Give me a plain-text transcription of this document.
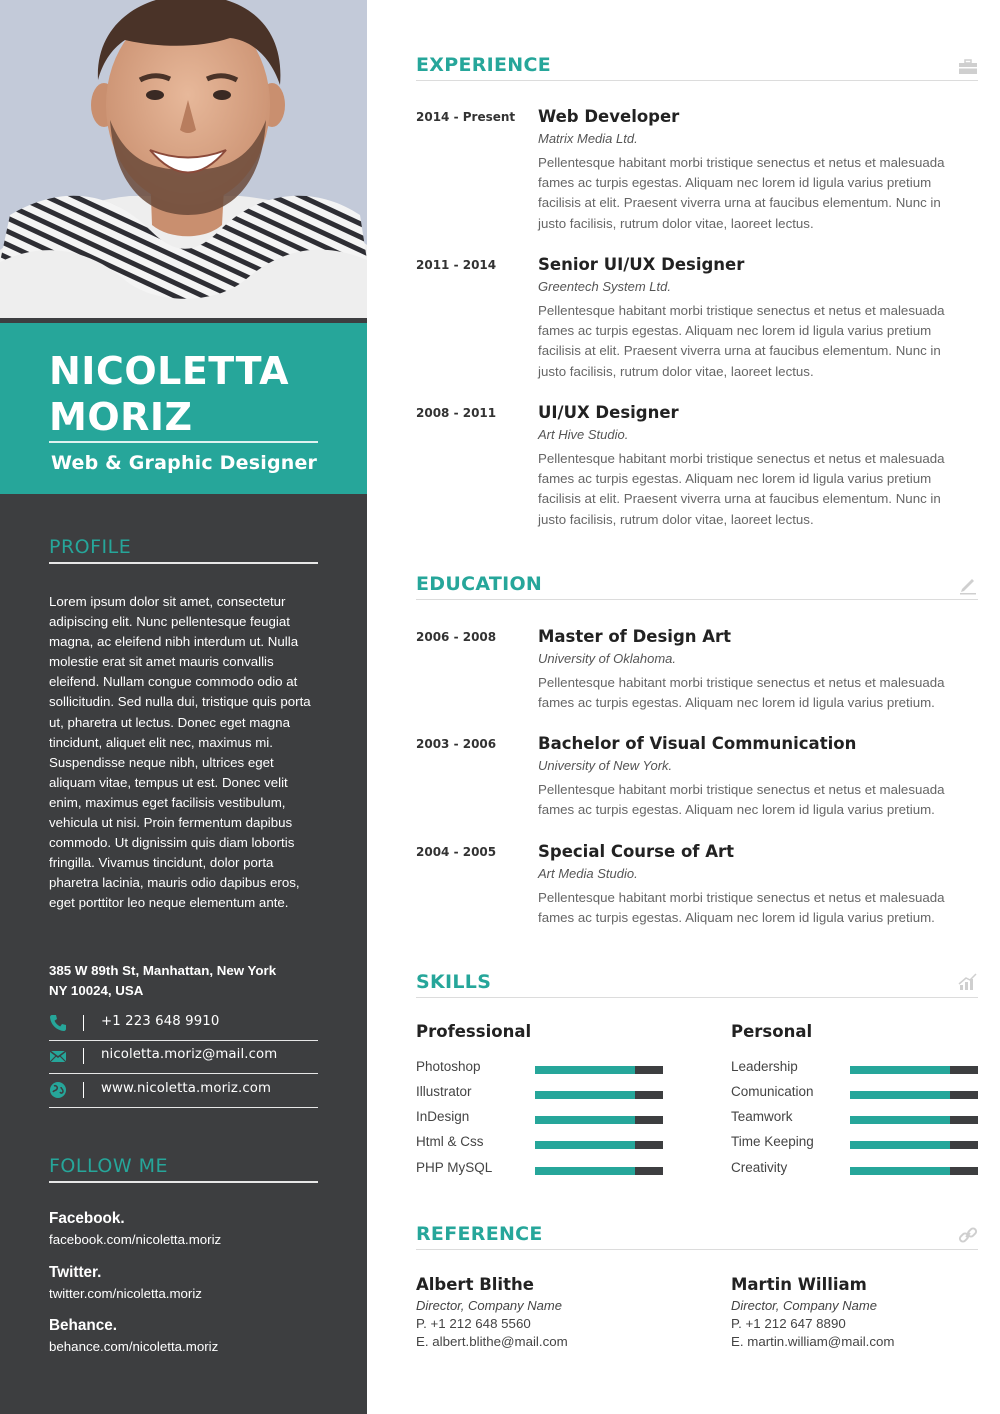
NICOLETTA
MORIZ
Web & Graphic Designer
PROFILE
Lorem ipsum dolor sit amet, consectetur adipiscing elit. Nunc pellentesque feugiat magna, ac eleifend nibh interdum ut. Nulla molestie erat sit amet mauris convallis eleifend. Nullam congue commodo odio at sollicitudin. Sed nulla dui, tristique quis porta ut, pharetra ut lectus. Donec eget magna tincidunt, aliquet elit nec, maximus mi. Suspendisse neque nibh, ultrices eget aliquam vitae, tempus ut est. Donec velit enim, maximus eget facilisis vestibulum, vehicula ut nisi. Proin fermentum dapibus commodo. Ut dignissim quis diam lobortis fringilla. Vivamus tincidunt, dolor porta pharetra lacinia, mauris odio dapibus eros, eget porttitor leo neque elementum ante.
385 W 89th St, Manhattan, New York
NY 10024, USA
+1 223 648 9910
nicoletta.moriz@mail.com
www.nicoletta.moriz.com
FOLLOW ME
Facebook.
facebook.com/nicoletta.moriz
Twitter.
twitter.com/nicoletta.moriz
Behance.
behance.com/nicoletta.moriz
EXPERIENCE
2014 - Present Web Developer
Matrix Media Ltd.
Pellentesque habitant morbi tristique senectus et netus et malesuada fames ac turpis egestas. Aliquam nec lorem id ligula varius pretium facilisis at elit. Praesent viverra urna at faucibus elementum. Nunc in justo facilisis, rutrum dolor vitae, laoreet lectus.
2011 - 2014	Senior UI/UX Designer
Greentech System Ltd.
Pellentesque habitant morbi tristique senectus et netus et malesuada fames ac turpis egestas. Aliquam nec lorem id ligula varius pretium facilisis at elit. Praesent viverra urna at faucibus elementum. Nunc in justo facilisis, rutrum dolor vitae, laoreet lectus.
2008 - 2011	UI/UX Designer
Art Hive Studio.
Pellentesque habitant morbi tristique senectus et netus et malesuada fames ac turpis egestas. Aliquam nec lorem id ligula varius pretium facilisis at elit. Praesent viverra urna at faucibus elementum. Nunc in justo facilisis, rutrum dolor vitae, laoreet lectus.
EDUCATION
2006 - 2008	Master of Design Art
University of Oklahoma.
Pellentesque habitant morbi tristique senectus et netus et malesuada fames ac turpis egestas. Aliquam nec lorem id ligula varius pretium.
2003 - 2006	Bachelor of Visual Communication
University of New York.
Pellentesque habitant morbi tristique senectus et netus et malesuada fames ac turpis egestas. Aliquam nec lorem id ligula varius pretium.
2004 - 2005	Special Course of Art
Art Media Studio.
Pellentesque habitant morbi tristique senectus et netus et malesuada fames ac turpis egestas. Aliquam nec lorem id ligula varius pretium.
SKILLS
Professional
Photoshop
Illustrator
InDesign
Html & Css
PHP MySQL
Personal
Leadership
Comunication
Teamwork
Time Keeping
Creativity
REFERENCE
Albert Blithe
Director, Company Name
P. +1 212 648 5560
E. albert.blithe@mail.com
Martin William
Director, Company Name
P. +1 212 647 8890
E. martin.william@mail.com
